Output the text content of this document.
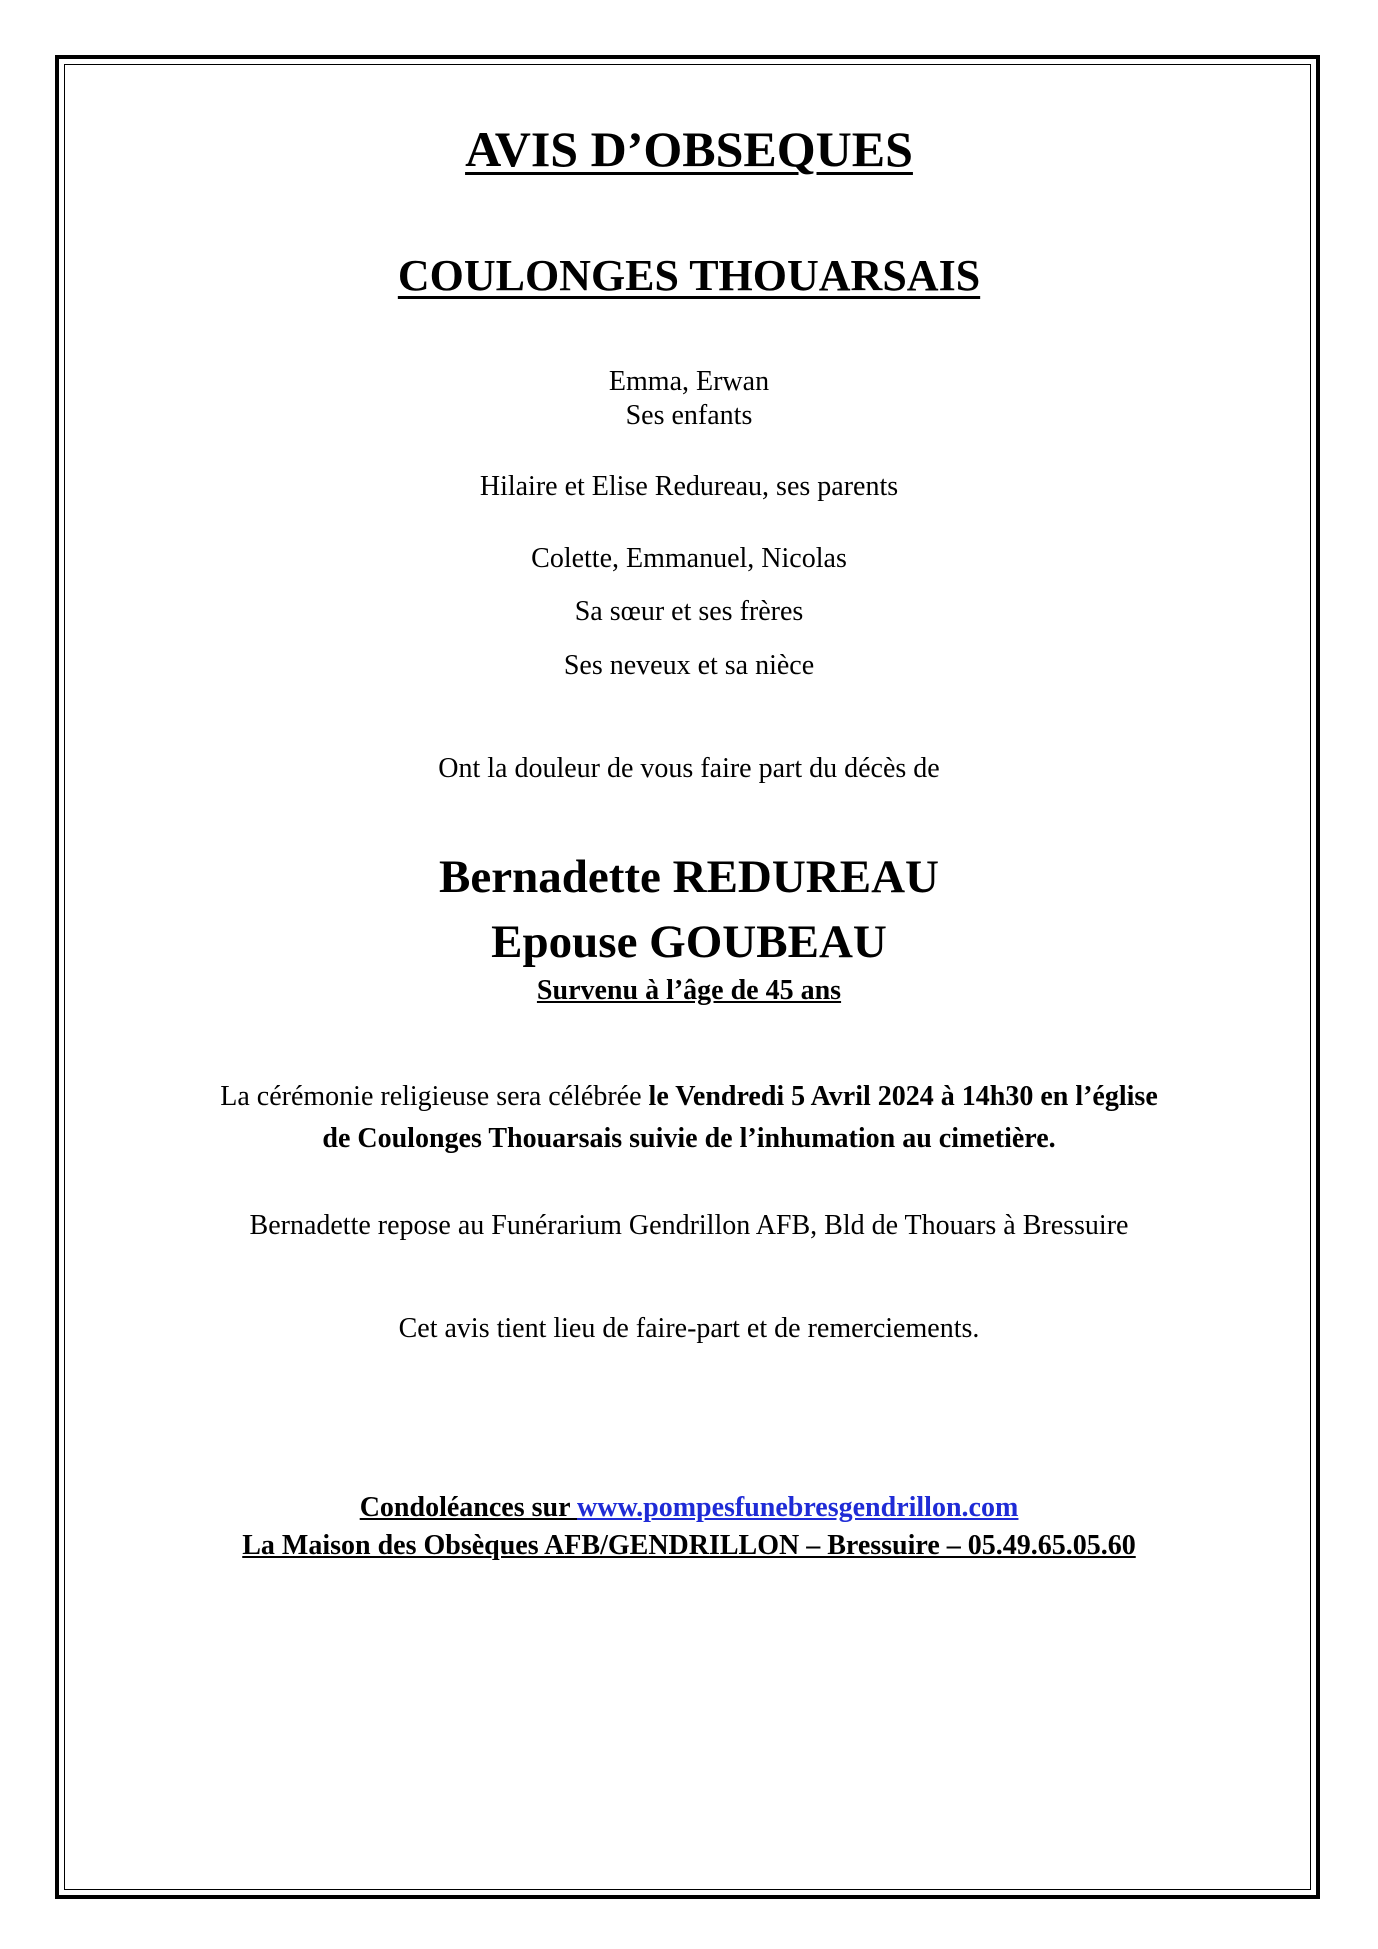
AVIS D’OBSEQUES
COULONGES THOUARSAIS
Emma, Erwan
Ses enfants
Hilaire et Elise Redureau, ses parents
Colette, Emmanuel, Nicolas
Sa sœur et ses frères
Ses neveux et sa nièce
Ont la douleur de vous faire part du décès de
Bernadette REDUREAU
Epouse GOUBEAU
Survenu à l’âge de 45 ans
La cérémonie religieuse sera célébrée le Vendredi 5 Avril 2024 à 14h30 en l’église
de Coulonges Thouarsais suivie de l’inhumation au cimetière.
Bernadette repose au Funérarium Gendrillon AFB, Bld de Thouars à Bressuire
Cet avis tient lieu de faire-part et de remerciements.
Condoléances sur www.pompesfunebresgendrillon.com
La Maison des Obsèques AFB/GENDRILLON – Bressuire – 05.49.65.05.60
